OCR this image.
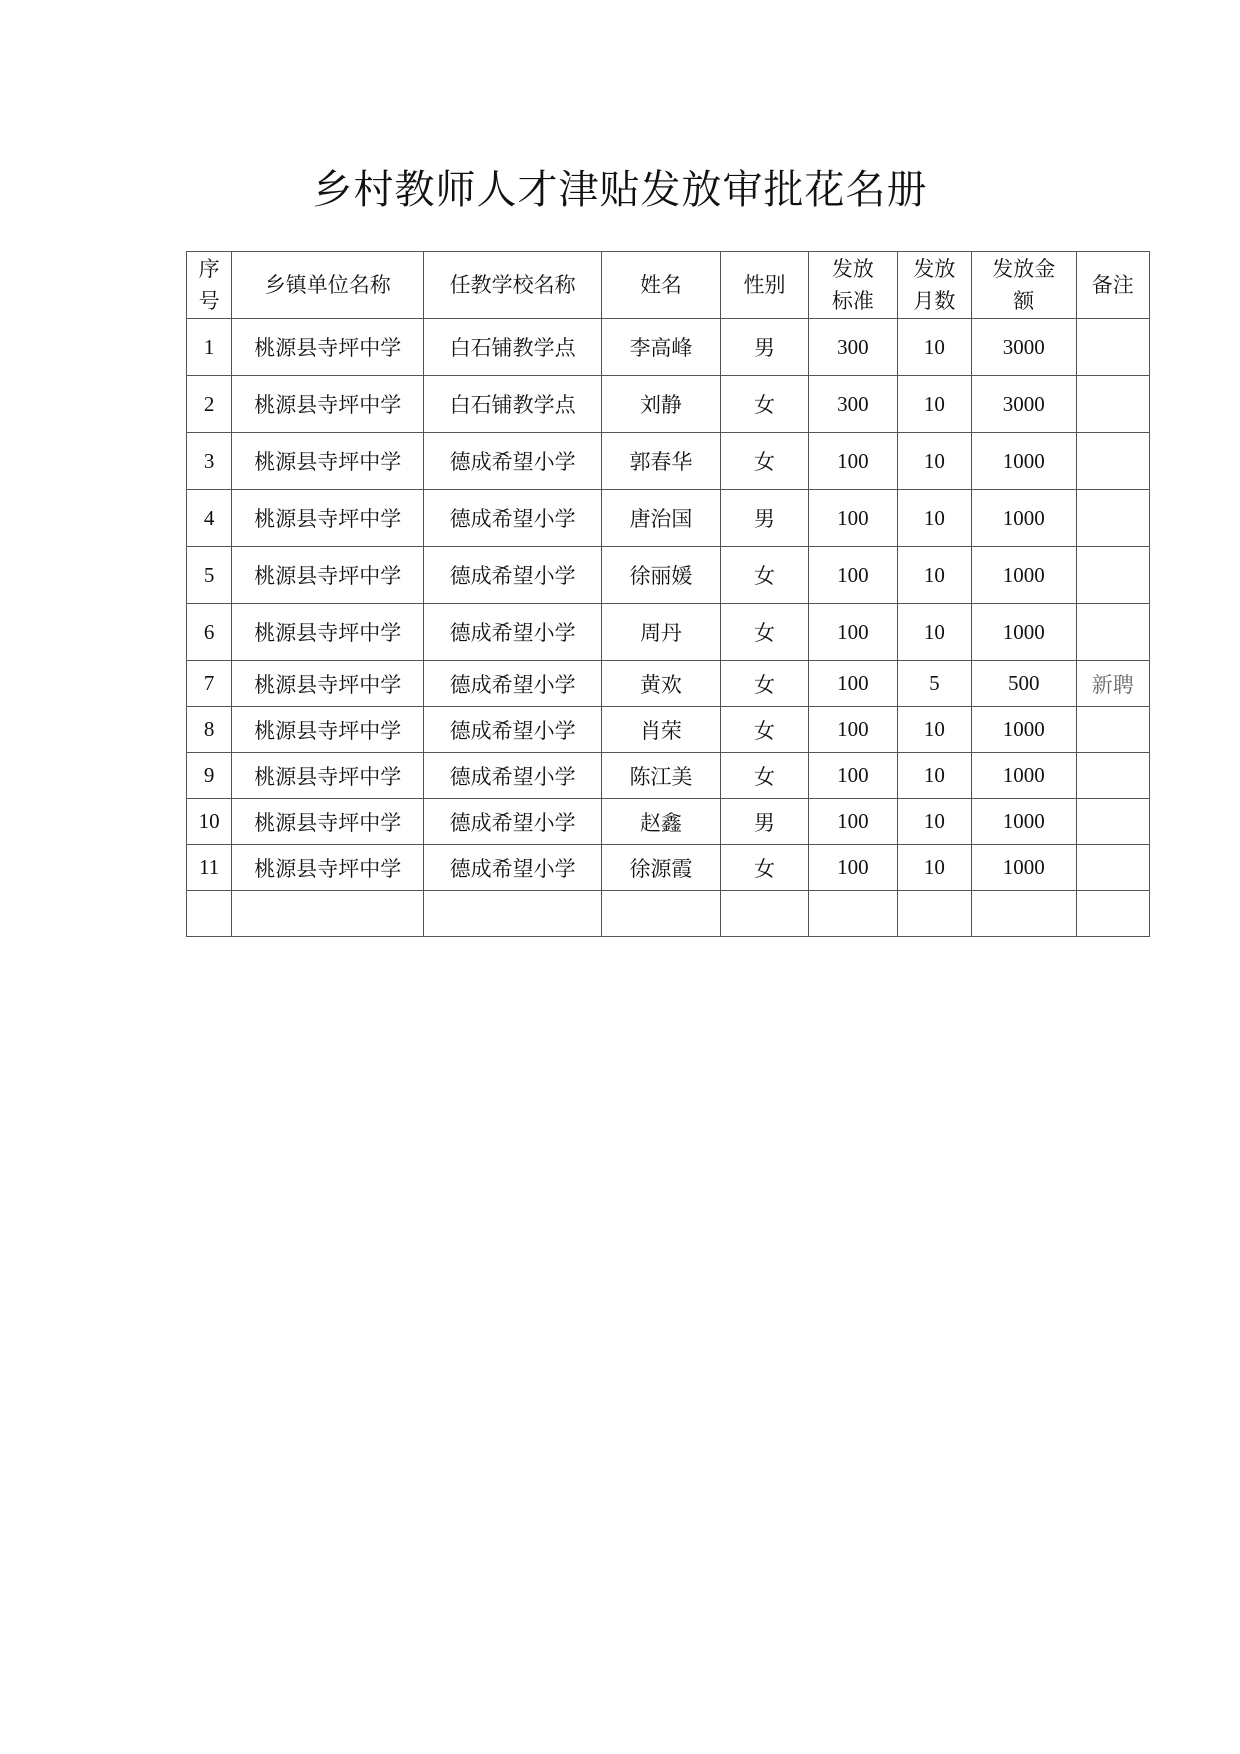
乡村教师人才津贴发放审批花名册
序号	乡镇单位名称	任教学校名称	姓名	性别	发放标准	发放月数	发放金额	备注
1	桃源县寺坪中学	白石铺教学点	李高峰	男	300	10	3000	
2	桃源县寺坪中学	白石铺教学点	刘静	女	300	10	3000	
3	桃源县寺坪中学	德成希望小学	郭春华	女	100	10	1000	
4	桃源县寺坪中学	德成希望小学	唐治国	男	100	10	1000	
5	桃源县寺坪中学	德成希望小学	徐丽媛	女	100	10	1000	
6	桃源县寺坪中学	德成希望小学	周丹	女	100	10	1000	
7	桃源县寺坪中学	德成希望小学	黄欢	女	100	5	500	新聘
8	桃源县寺坪中学	德成希望小学	肖荣	女	100	10	1000	
9	桃源县寺坪中学	德成希望小学	陈江美	女	100	10	1000	
10	桃源县寺坪中学	德成希望小学	赵鑫	男	100	10	1000	
11	桃源县寺坪中学	德成希望小学	徐源霞	女	100	10	1000	
